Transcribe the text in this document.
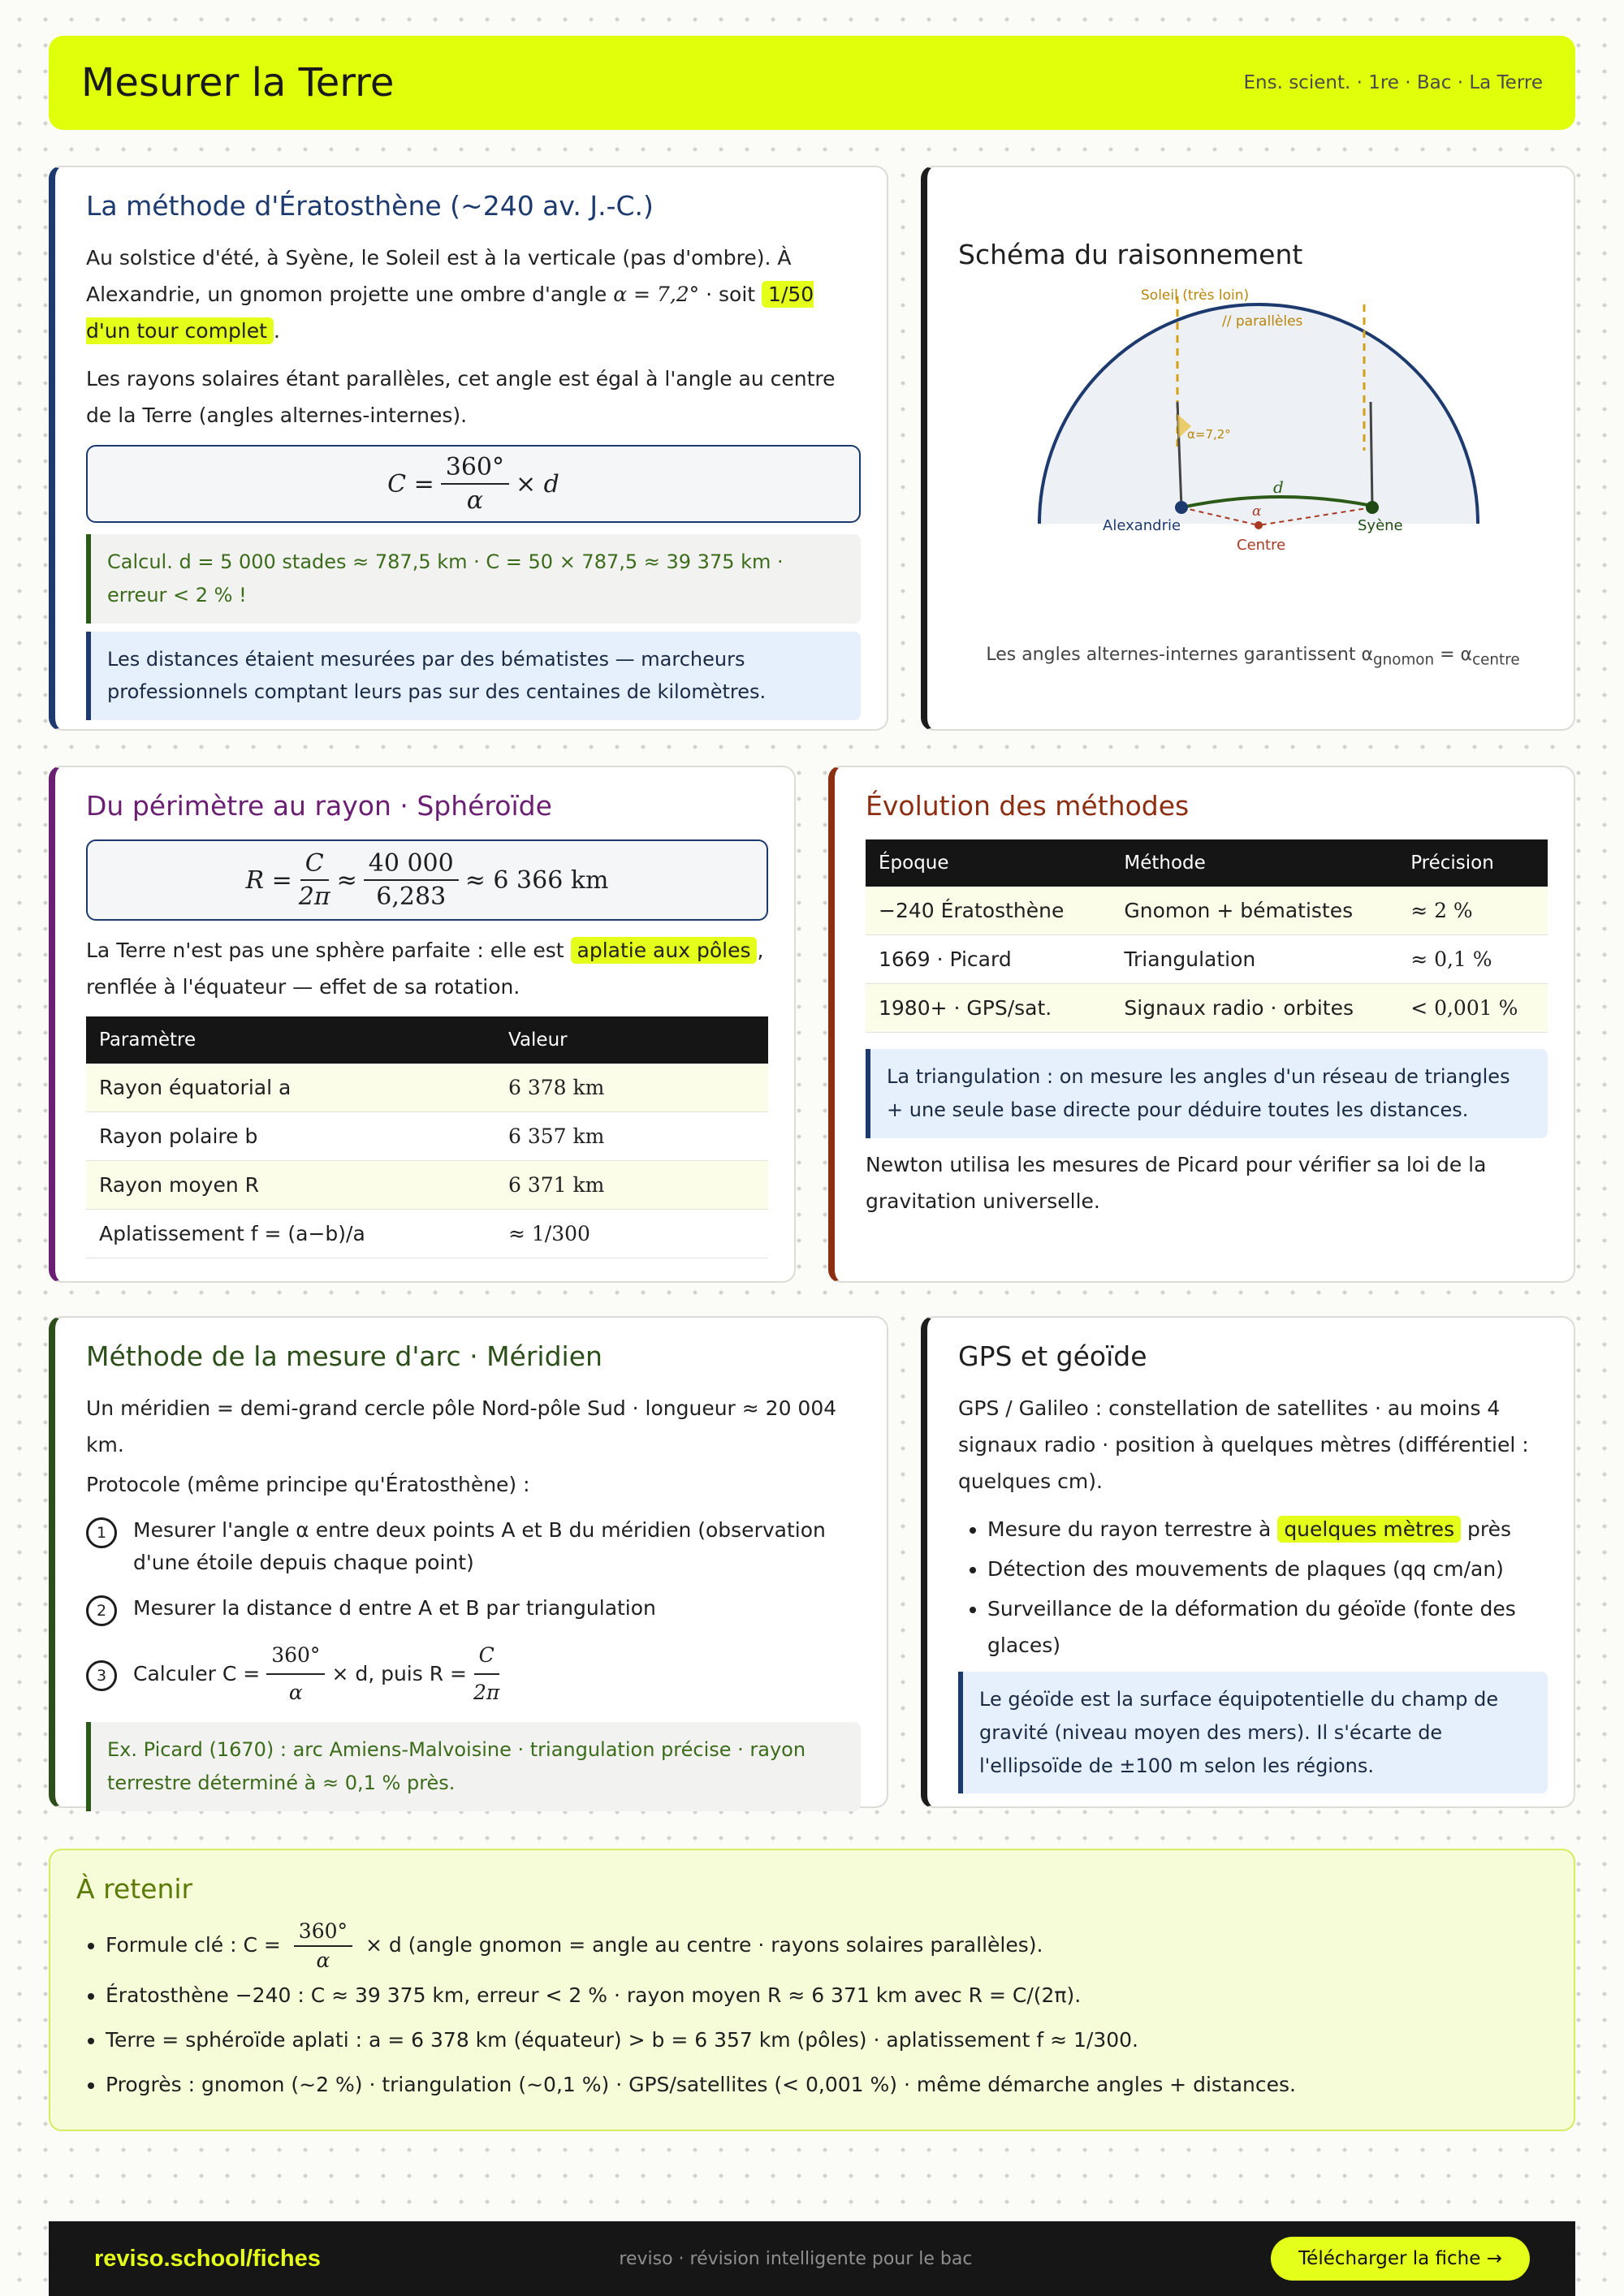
Mesurer la Terre	Ens. scient. · 1re · Bac · La Terre
La méthode d'Ératosthène (~240 av. J.-C.)

Au solstice d'été, à Syène, le Soleil est à la verticale (pas d'ombre). À Alexandrie, un gnomon projette une ombre d'angle α = 7,2° · soit 1/50 d'un tour complet .

Les rayons solaires étant parallèles, cet angle est égal à l'angle au centre de la Terre (angles alternes-internes).

$C = \frac{360^\circ}{\alpha} \times d$
Calcul. d = 5 000 stades ≈ 787,5 km · C = 50 × 787,5 ≈ 39 375 km · erreur < 2 % !
Les distances étaient mesurées par des bématistes — marcheurs professionnels comptant leurs pas sur des centaines de kilomètres.
Schéma du raisonnement
Soleil (très loin)
// parallèles
α=7,2°
d
Alexandrie
α
Syène
Centre

Les angles alternes-internes garantissent $\alpha_{gnomon} = \alpha_{centre}$

Du périmètre au rayon · Sphéroïde
$R = \frac{C}{2\pi} \approx \frac{40 000}{6,283} \approx 6$ 366 km

La Terre n'est pas une sphère parfaite : elle est aplatie aux pôles , renflée à l'équateur — effet de sa rotation.

Paramètre	Valeur
Rayon équatorial a	6 378 km
Rayon polaire b	6 357 km
Rayon moyen R	6 371 km
Aplatissement f = (a−b)/a	≈ 1/300
Évolution des méthodes
Époque	Méthode	Précision
−240 Ératosthène	Gnomon + bématistes	≈ 2 %
1669 · Picard	Triangulation	≈ 0,1 %
1980+ · GPS/sat.	Signaux radio · orbites	< 0,001 %
La triangulation : on mesure les angles d'un réseau de triangles + une seule base directe pour déduire toutes les distances.

Newton utilisa les mesures de Picard pour vérifier sa loi de la gravitation universelle.

Méthode de la mesure d'arc · Méridien

Un méridien = demi-grand cercle pôle Nord-pôle Sud · longueur ≈ 20 004 km.

Protocole (même principe qu'Ératosthène) :

1	Mesurer l'angle α entre deux points A et B du méridien (observation d'une étoile depuis chaque point)
2	Mesurer la distance d entre A et B par triangulation
3	Calculer $C = \frac{360^\circ}{\alpha} \times d$, puis $R = \frac{C}{2\pi}$
Ex. Picard (1670) : arc Amiens-Malvoisine · triangulation précise · rayon terrestre déterminé à ≈ 0,1 % près.
GPS et géoïde

GPS / Galileo : constellation de satellites · au moins 4 signaux radio · position à quelques mètres (différentiel : quelques cm).

• Mesure du rayon terrestre à quelques mètres près
• Détection des mouvements de plaques (qq cm/an)
• Surveillance de la déformation du géoïde (fonte des glaces)
Le géoïde est la surface équipotentielle du champ de gravité (niveau moyen des mers). Il s'écarte de l'ellipsoïde de ±100 m selon les régions.
À retenir
• Formule clé : $C = \frac{360^\circ}{\alpha} \times d$ (angle gnomon = angle au centre · rayons solaires parallèles).
• Ératosthène −240 : C ≈ 39 375 km, erreur < 2 % · rayon moyen R ≈ 6 371 km avec R = C/(2π).
• Terre = sphéroïde aplati : a = 6 378 km (équateur) > b = 6 357 km (pôles) · aplatissement f ≈ 1/300.
• Progrès : gnomon (~2 %) · triangulation (~0,1 %) · GPS/satellites (< 0,001 %) · même démarche angles + distances.
reviso.school/fiches	reviso · révision intelligente pour le bac	Télécharger la fiche →
